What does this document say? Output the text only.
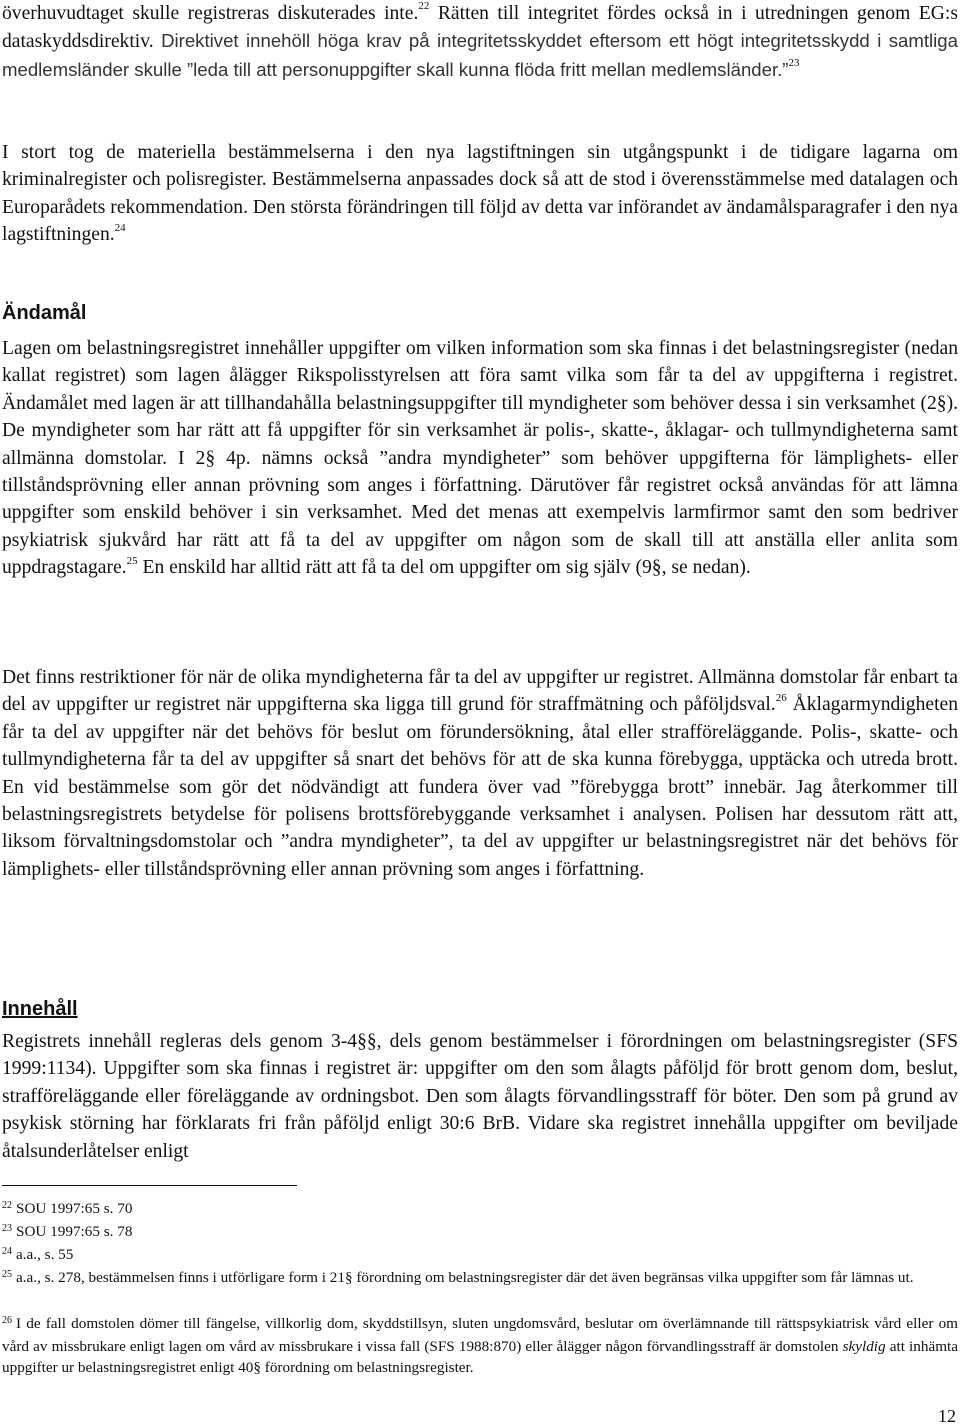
överhuvudtaget skulle registreras diskuterades inte.$^{22}$ Rätten till integritet fördes också in i utredningen genom EG:s dataskyddsdirektiv. Direktivet innehöll höga krav på integritetsskyddet eftersom ett högt integritetsskydd i samtliga medlemsländer skulle ”leda till att personuppgifter skall kunna flöda fritt mellan medlemsländer.”$^{23}$

I stort tog de materiella bestämmelserna i den nya lagstiftningen sin utgångspunkt i de tidigare lagarna om kriminalregister och polisregister. Bestämmelserna anpassades dock så att de stod i överensstämmelse med datalagen och Europarådets rekommendation. Den största förändringen till följd av detta var införandet av ändamålsparagrafer i den nya lagstiftningen.$^{24}$

Ändamål

Lagen om belastningsregistret innehåller uppgifter om vilken information som ska finnas i det belastningsregister (nedan kallat registret) som lagen ålägger Rikspolisstyrelsen att föra samt vilka som får ta del av uppgifterna i registret. Ändamålet med lagen är att tillhandahålla belastningsuppgifter till myndigheter som behöver dessa i sin verksamhet (2§). De myndigheter som har rätt att få uppgifter för sin verksamhet är polis-, skatte-, åklagar- och tullmyndigheterna samt allmänna domstolar. I 2§ 4p. nämns också ”andra myndigheter” som behöver uppgifterna för lämplighets- eller tillståndsprövning eller annan prövning som anges i författning. Därutöver får registret också användas för att lämna uppgifter som enskild behöver i sin verksamhet. Med det menas att exempelvis larmfirmor samt den som bedriver psykiatrisk sjukvård har rätt att få ta del av uppgifter om någon som de skall till att anställa eller anlita som uppdragstagare.$^{25}$ En enskild har alltid rätt att få ta del om uppgifter om sig själv (9§, se nedan).

Det finns restriktioner för när de olika myndigheterna får ta del av uppgifter ur registret. Allmänna domstolar får enbart ta del av uppgifter ur registret när uppgifterna ska ligga till grund för straffmätning och påföljdsval.$^{26}$ Åklagarmyndigheten får ta del av uppgifter när det behövs för beslut om förundersökning, åtal eller strafföreläggande. Polis-, skatte- och tullmyndigheterna får ta del av uppgifter så snart det behövs för att de ska kunna förebygga, upptäcka och utreda brott. En vid bestämmelse som gör det nödvändigt att fundera över vad ”förebygga brott” innebär. Jag återkommer till belastningsregistrets betydelse för polisens brottsförebyggande verksamhet i analysen. Polisen har dessutom rätt att, liksom förvaltningsdomstolar och ”andra myndigheter”, ta del av uppgifter ur belastningsregistret när det behövs för lämplighets- eller tillståndsprövning eller annan prövning som anges i författning.

Innehåll

Registrets innehåll regleras dels genom 3-4§§, dels genom bestämmelser i förordningen om belastningsregister (SFS 1999:1134). Uppgifter som ska finnas i registret är: uppgifter om den som ålagts påföljd för brott genom dom, beslut, strafföreläggande eller föreläggande av ordningsbot. Den som ålagts förvandlingsstraff för böter. Den som på grund av psykisk störning har förklarats fri från påföljd enligt 30:6 BrB. Vidare ska registret innehålla uppgifter om beviljade åtalsunderlåtelser enligt

$^{22}$ SOU 1997:65 s. 70

$^{23}$ SOU 1997:65 s. 78

$^{24}$ a.a., s. 55

$^{25}$ a.a., s. 278, bestämmelsen finns i utförligare form i 21§ förordning om belastningsregister där det även begränsas vilka uppgifter som får lämnas ut.

$^{26}$ I de fall domstolen dömer till fängelse, villkorlig dom, skyddstillsyn, sluten ungdomsvård, beslutar om överlämnande till rättspsykiatrisk vård eller om vård av missbrukare enligt lagen om vård av missbrukare i vissa fall (SFS 1988:870) eller ålägger någon förvandlingsstraff är domstolen skyldig att inhämta uppgifter ur belastningsregistret enligt 40§ förordning om belastningsregister.

12
